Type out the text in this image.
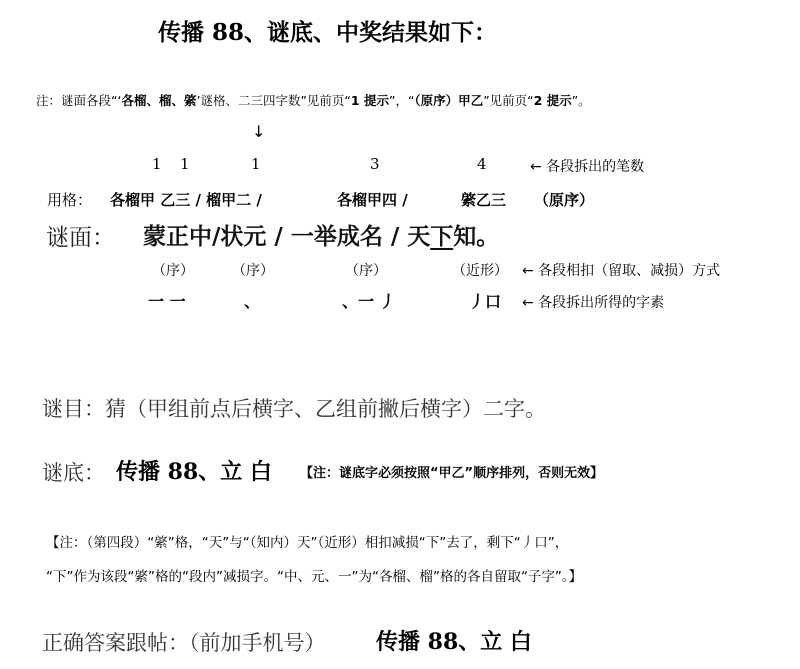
传播 88、谜底、中奖结果如下：
注：谜面各段“‘各榴、榴、綮’谜格、二三四字数”见前页“1 提示”，“（原序）甲乙”见前页“2 提示”。
↓
1 1	1	3	4	← 各段拆出的笔数
用格： 各榴甲 乙三 / 榴甲二 /	各榴甲四 /	綮乙三 （原序）
谜面： 蒙正中/状元 / 一举成名 / 天下知。
（序）	（序）	（序）	（近形） ← 各段相扣（留取、减损）方式
一 一	、	、一 丿	丿口 ← 各段拆出所得的字素
谜目：猜（甲组前点后横字、乙组前撇后横字）二字。
谜底： 传播 88、立 白 【注：谜底字必须按照“甲乙”顺序排列，否则无效】
【注：（第四段）“綮”格，“天”与“（知内）天”（近形）相扣减损“下”去了，剩下“丿口”，
“下”作为该段“綮”格的“段内”减损字。“中、元、一”为“各榴、榴”格的各自留取“子字”。】
正确答案跟帖：（前加手机号） 传播 88、立 白
